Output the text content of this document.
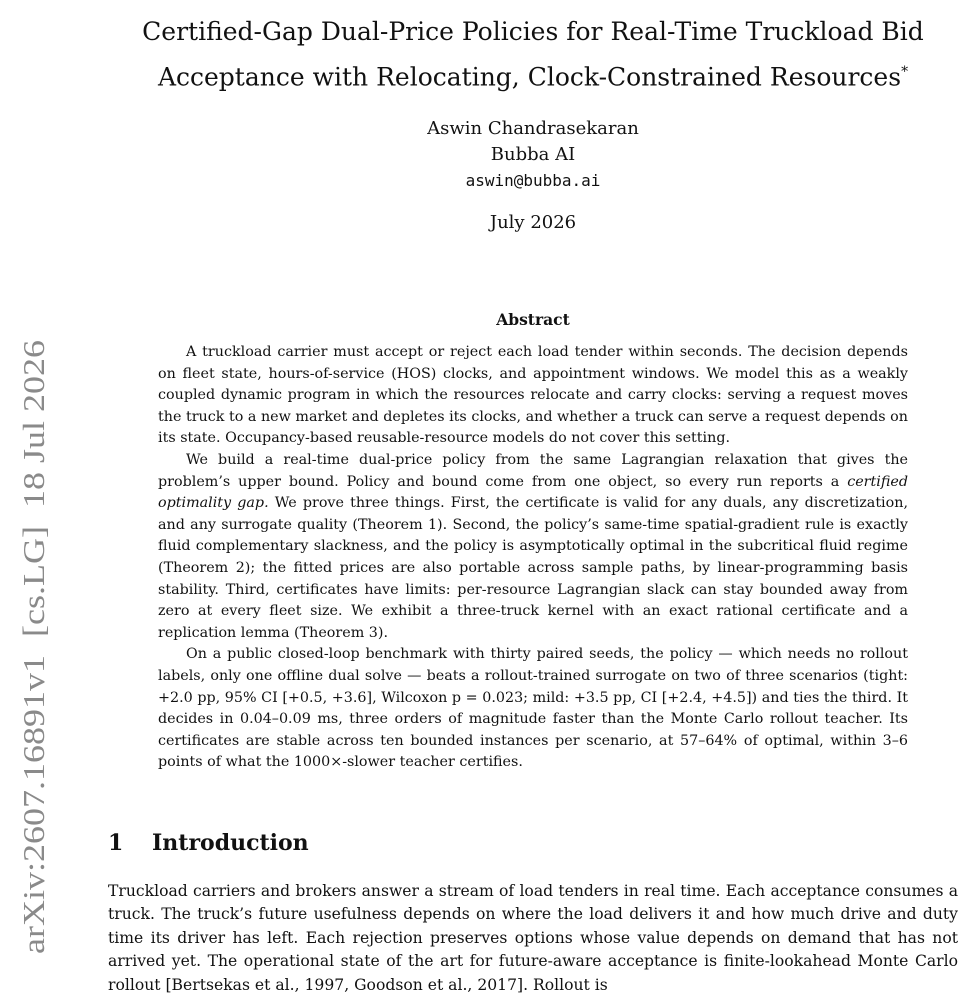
arXiv:2607.16891v1  [cs.LG]  18 Jul 2026
Certified-Gap Dual-Price Policies for Real-Time Truckload Bid
Acceptance with Relocating, Clock-Constrained Resources*
Aswin Chandrasekaran
Bubba AI
aswin@bubba.ai
July 2026
Abstract

A truckload carrier must accept or reject each load tender within seconds. The decision depends on fleet state, hours-of-service (HOS) clocks, and appointment windows. We model this as a weakly coupled dynamic program in which the resources relocate and carry clocks: serving a request moves the truck to a new market and depletes its clocks, and whether a truck can serve a request depends on its state. Occupancy-based reusable-resource models do not cover this setting.

We build a real-time dual-price policy from the same Lagrangian relaxation that gives the problem’s upper bound. Policy and bound come from one object, so every run reports a certified optimality gap. We prove three things. First, the certificate is valid for any duals, any discretization, and any surrogate quality (Theorem 1). Second, the policy’s same-time spatial-gradient rule is exactly fluid complementary slackness, and the policy is asymptotically optimal in the subcritical fluid regime (Theorem 2); the fitted prices are also portable across sample paths, by linear-programming basis stability. Third, certificates have limits: per-resource Lagrangian slack can stay bounded away from zero at every fleet size. We exhibit a three-truck kernel with an exact rational certificate and a replication lemma (Theorem 3).

On a public closed-loop benchmark with thirty paired seeds, the policy — which needs no rollout labels, only one offline dual solve — beats a rollout-trained surrogate on two of three scenarios (tight: +2.0 pp, 95% CI [+0.5, +3.6], Wilcoxon p = 0.023; mild: +3.5 pp, CI [+2.4, +4.5]) and ties the third. It decides in 0.04–0.09 ms, three orders of magnitude faster than the Monte Carlo rollout teacher. Its certificates are stable across ten bounded instances per scenario, at 57–64% of optimal, within 3–6 points of what the 1000×-slower teacher certifies.

1 Introduction

Truckload carriers and brokers answer a stream of load tenders in real time. Each acceptance consumes a truck. The truck’s future usefulness depends on where the load delivers it and how much drive and duty time its driver has left. Each rejection preserves options whose value depends on demand that has not arrived yet. The operational state of the art for future-aware acceptance is finite-lookahead Monte Carlo rollout [Bertsekas et al., 1997, Goodson et al., 2017]. Rollout is
